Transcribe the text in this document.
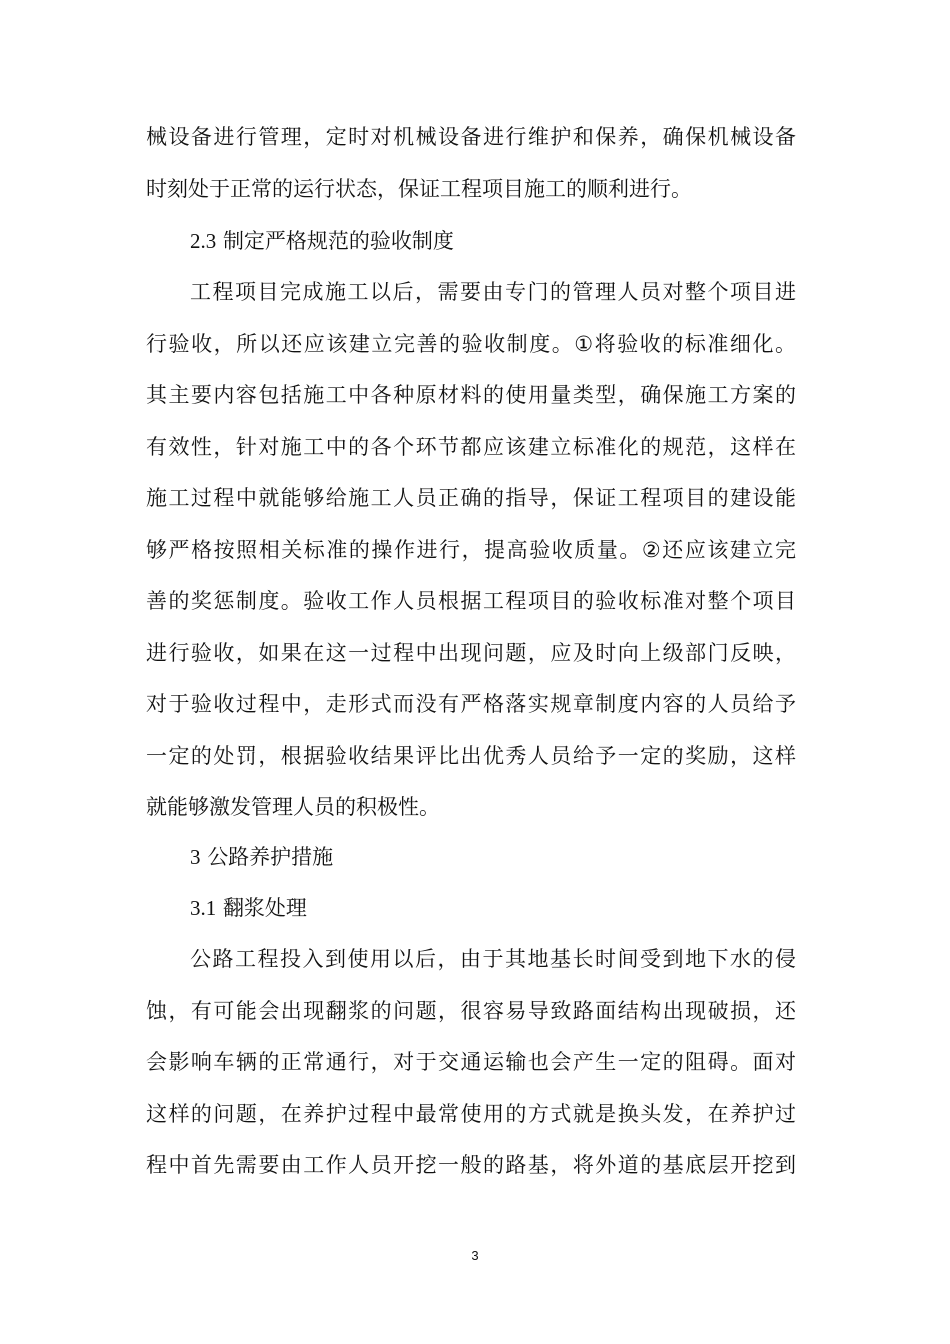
械设备进行管理，定时对机械设备进行维护和保养，确保机械设备
时刻处于正常的运行状态，保证工程项目施工的顺利进行。
2.3 制定严格规范的验收制度
工程项目完成施工以后，需要由专门的管理人员对整个项目进
行验收，所以还应该建立完善的验收制度。①将验收的标准细化。
其主要内容包括施工中各种原材料的使用量类型，确保施工方案的
有效性，针对施工中的各个环节都应该建立标准化的规范，这样在
施工过程中就能够给施工人员正确的指导，保证工程项目的建设能
够严格按照相关标准的操作进行，提高验收质量。②还应该建立完
善的奖惩制度。验收工作人员根据工程项目的验收标准对整个项目
进行验收，如果在这一过程中出现问题，应及时向上级部门反映，
对于验收过程中，走形式而没有严格落实规章制度内容的人员给予
一定的处罚，根据验收结果评比出优秀人员给予一定的奖励，这样
就能够激发管理人员的积极性。
3 公路养护措施
3.1 翻浆处理
公路工程投入到使用以后，由于其地基长时间受到地下水的侵
蚀，有可能会出现翻浆的问题，很容易导致路面结构出现破损，还
会影响车辆的正常通行，对于交通运输也会产生一定的阻碍。面对
这样的问题，在养护过程中最常使用的方式就是换头发，在养护过
程中首先需要由工作人员开挖一般的路基，将外道的基底层开挖到
3
